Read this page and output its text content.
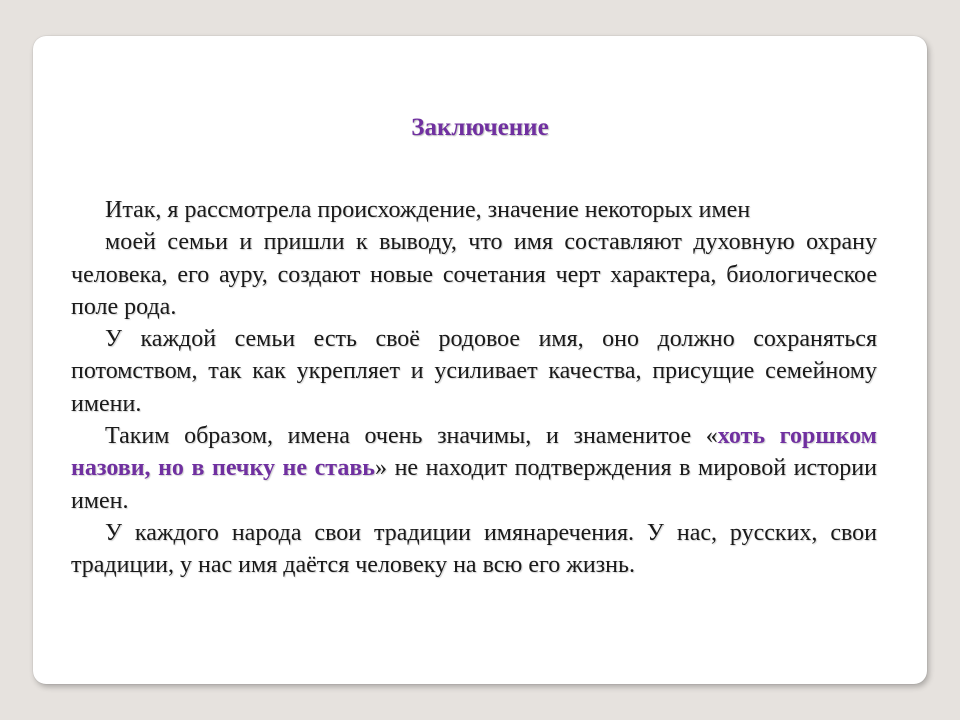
Заключение

Итак, я рассмотрела происхождение, значение некоторых имен

моей семьи и пришли к выводу, что имя составляют духовную охрану человека, его ауру, создают новые сочетания черт характера, биологическое поле рода.

У каждой семьи есть своё родовое имя, оно должно сохраняться потомством, так как укрепляет и усиливает качества, присущие семейному имени.

Таким образом, имена очень значимы, и знаменитое «хоть горшком назови, но в печку не ставь» не находит подтверждения в мировой истории имен.

У каждого народа свои традиции имянаречения. У нас, русских, свои традиции, у нас имя даётся человеку на всю его жизнь.
